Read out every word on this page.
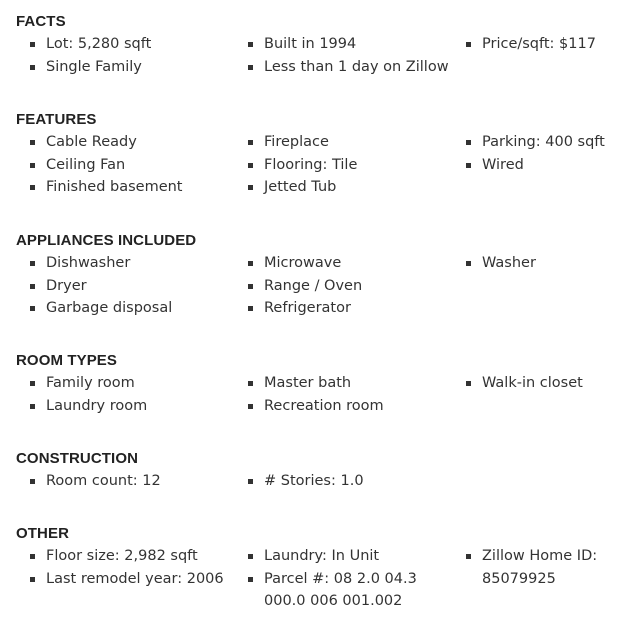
FACTS
Lot: 5,280 sqft
Single Family
Built in 1994
Less than 1 day on Zillow
Price/sqft: $117
FEATURES
Cable Ready
Ceiling Fan
Finished basement
Fireplace
Flooring: Tile
Jetted Tub
Parking: 400 sqft
Wired
APPLIANCES INCLUDED
Dishwasher
Dryer
Garbage disposal
Microwave
Range / Oven
Refrigerator
Washer
ROOM TYPES
Family room
Laundry room
Master bath
Recreation room
Walk-in closet
CONSTRUCTION
Room count: 12	# Stories: 1.0
OTHER
Floor size: 2,982 sqft
Last remodel year: 2006
Laundry: In Unit
Parcel #: 08 2.0 04.3 000.0 006 001.002
Zillow Home ID: 85079925
